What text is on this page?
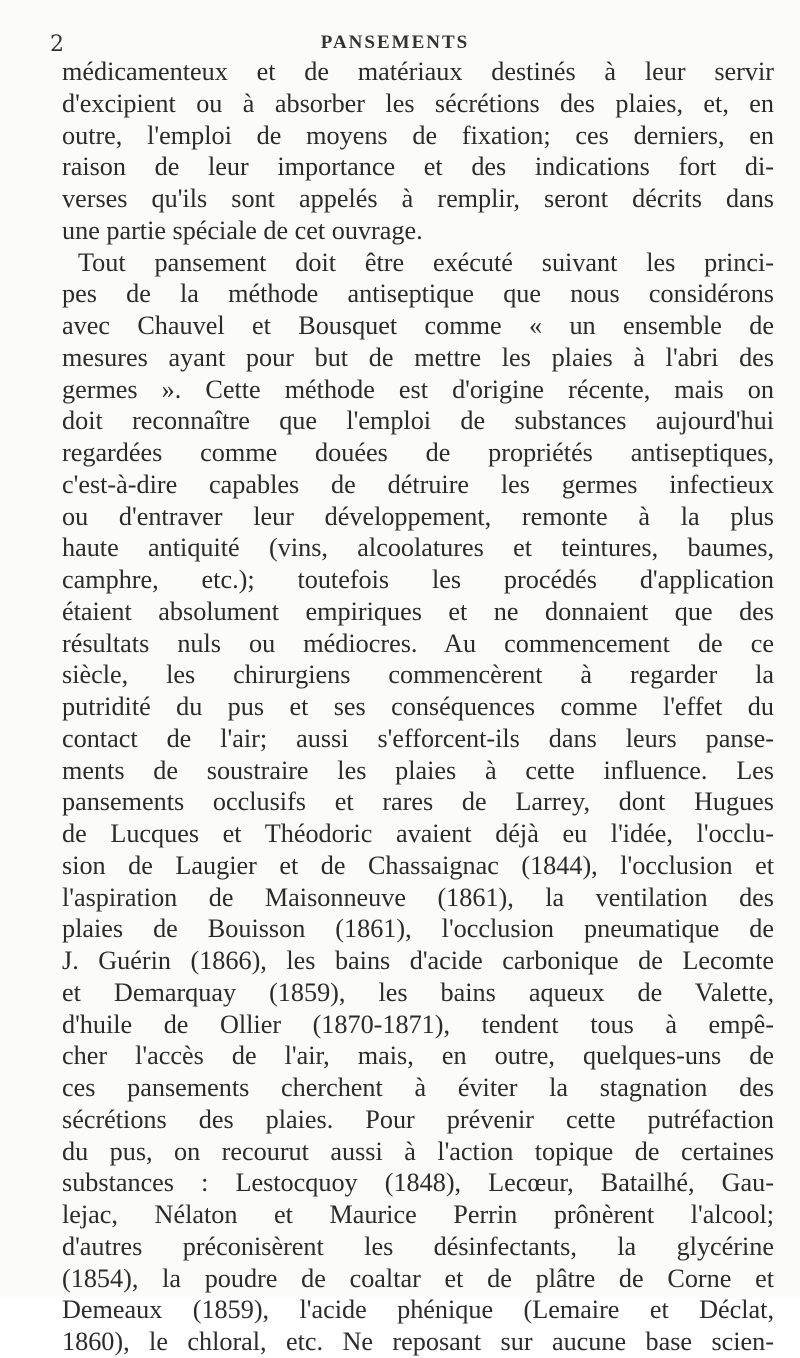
2	PANSEMENTS
médicamenteux et de matériaux destinés à leur servir
d'excipient ou à absorber les sécrétions des plaies, et, en
outre, l'emploi de moyens de fixation; ces derniers, en
raison de leur importance et des indications fort di-
verses qu'ils sont appelés à remplir, seront décrits dans
une partie spéciale de cet ouvrage.
Tout pansement doit être exécuté suivant les princi-
pes de la méthode antiseptique que nous considérons
avec Chauvel et Bousquet comme « un ensemble de
mesures ayant pour but de mettre les plaies à l'abri des
germes ». Cette méthode est d'origine récente, mais on
doit reconnaître que l'emploi de substances aujourd'hui
regardées comme douées de propriétés antiseptiques,
c'est-à-dire capables de détruire les germes infectieux
ou d'entraver leur développement, remonte à la plus
haute antiquité (vins, alcoolatures et teintures, baumes,
camphre, etc.); toutefois les procédés d'application
étaient absolument empiriques et ne donnaient que des
résultats nuls ou médiocres. Au commencement de ce
siècle, les chirurgiens commencèrent à regarder la
putridité du pus et ses conséquences comme l'effet du
contact de l'air; aussi s'efforcent-ils dans leurs panse-
ments de soustraire les plaies à cette influence. Les
pansements occlusifs et rares de Larrey, dont Hugues
de Lucques et Théodoric avaient déjà eu l'idée, l'occlu-
sion de Laugier et de Chassaignac (1844), l'occlusion et
l'aspiration de Maisonneuve (1861), la ventilation des
plaies de Bouisson (1861), l'occlusion pneumatique de
J. Guérin (1866), les bains d'acide carbonique de Lecomte
et Demarquay (1859), les bains aqueux de Valette,
d'huile de Ollier (1870-1871), tendent tous à empê-
cher l'accès de l'air, mais, en outre, quelques-uns de
ces pansements cherchent à éviter la stagnation des
sécrétions des plaies. Pour prévenir cette putréfaction
du pus, on recourut aussi à l'action topique de certaines
substances : Lestocquoy (1848), Lecœur, Batailhé, Gau-
lejac, Nélaton et Maurice Perrin prônèrent l'alcool;
d'autres préconisèrent les désinfectants, la glycérine
(1854), la poudre de coaltar et de plâtre de Corne et
Demeaux (1859), l'acide phénique (Lemaire et Déclat,
1860), le chloral, etc. Ne reposant sur aucune base scien-
